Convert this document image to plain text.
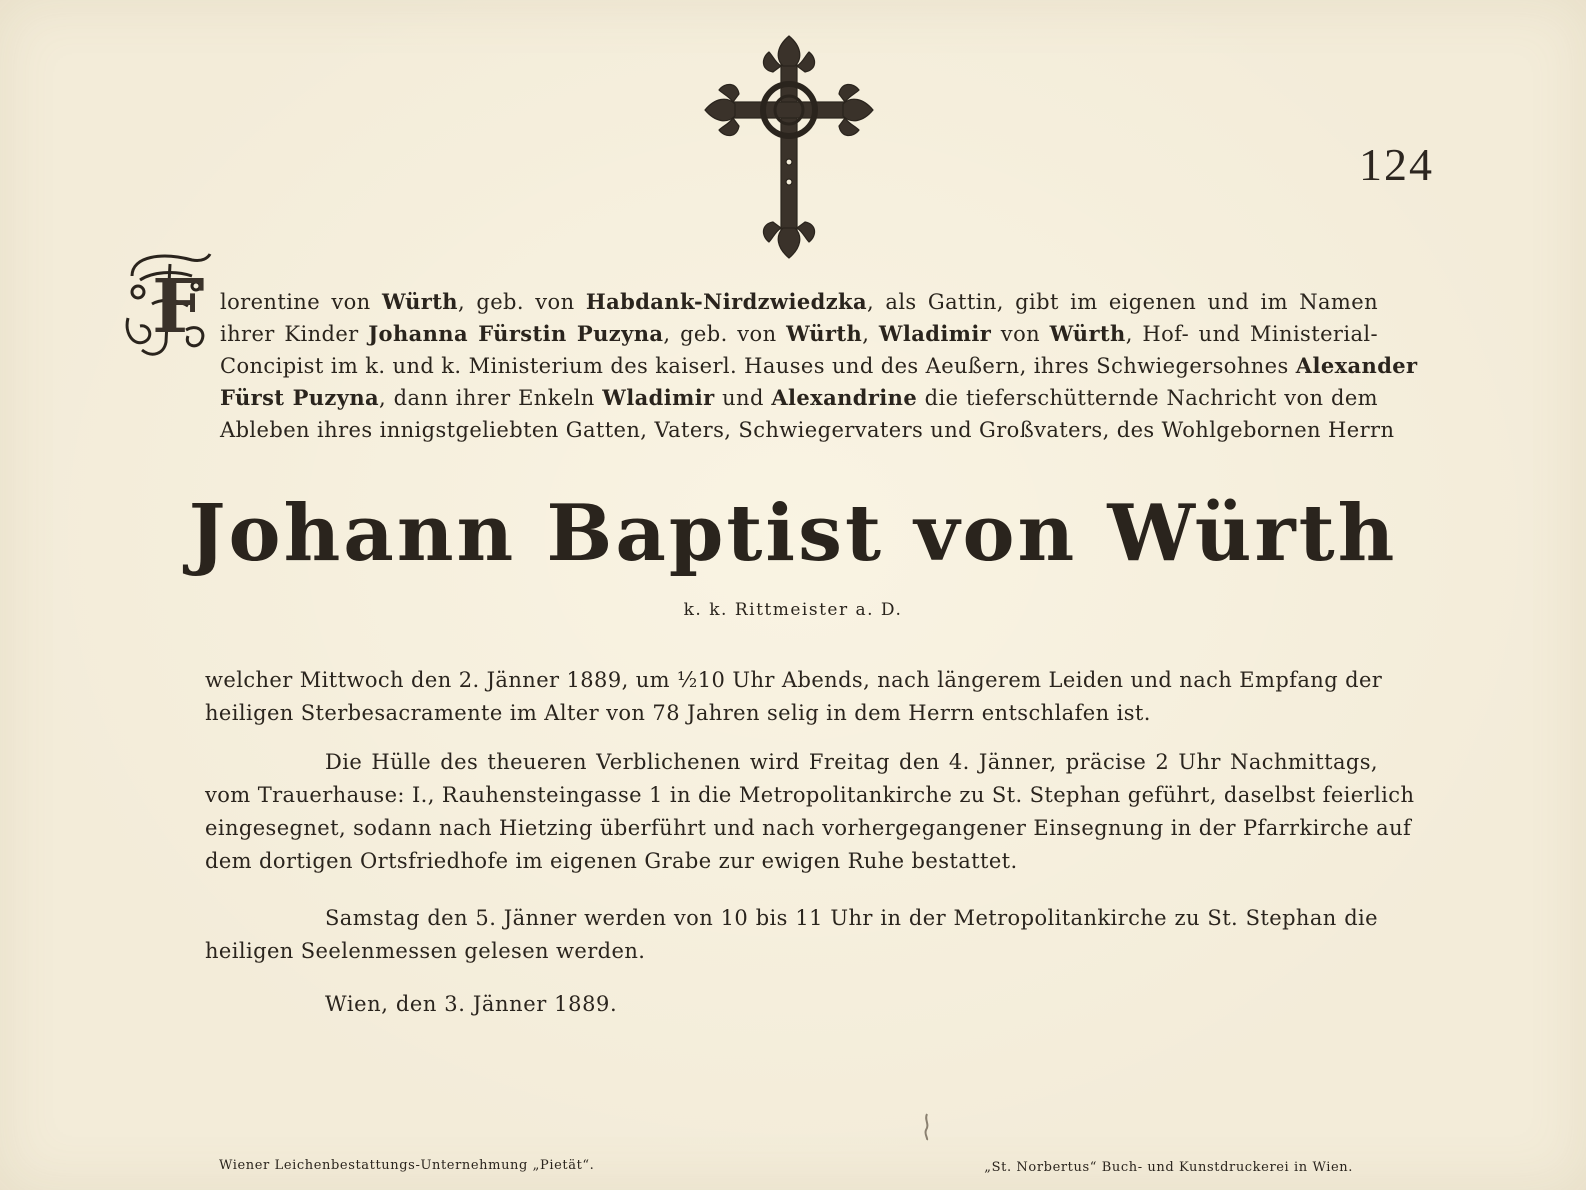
124
F lorentine von Würth, geb. von Habdank-Nirdzwiedzka, als Gattin, gibt im eigenen und im Namen
ihrer Kinder Johanna Fürstin Puzyna, geb. von Würth, Wladimir von Würth, Hof- und Ministerial-
Concipist im k. und k. Ministerium des kaiserl. Hauses und des Aeußern, ihres Schwiegersohnes Alexander
Fürst Puzyna, dann ihrer Enkeln Wladimir und Alexandrine die tieferschütternde Nachricht von dem
Ableben ihres innigstgeliebten Gatten, Vaters, Schwiegervaters und Großvaters, des Wohlgebornen Herrn
Johann Baptist von Würth
k. k. Rittmeister a. D.
welcher Mittwoch den 2. Jänner 1889, um ½10 Uhr Abends, nach längerem Leiden und nach Empfang der
heiligen Sterbesacramente im Alter von 78 Jahren selig in dem Herrn entschlafen ist.
Die Hülle des theueren Verblichenen wird Freitag den 4. Jänner, präcise 2 Uhr Nachmittags,
vom Trauerhause: I., Rauhensteingasse 1 in die Metropolitankirche zu St. Stephan geführt, daselbst feierlich
eingesegnet, sodann nach Hietzing überführt und nach vorhergegangener Einsegnung in der Pfarrkirche auf
dem dortigen Ortsfriedhofe im eigenen Grabe zur ewigen Ruhe bestattet.
Samstag den 5. Jänner werden von 10 bis 11 Uhr in der Metropolitankirche zu St. Stephan die
heiligen Seelenmessen gelesen werden.
Wien, den 3. Jänner 1889.
Wiener Leichenbestattungs-Unternehmung „Pietät“.	„St. Norbertus“ Buch- und Kunstdruckerei in Wien.
